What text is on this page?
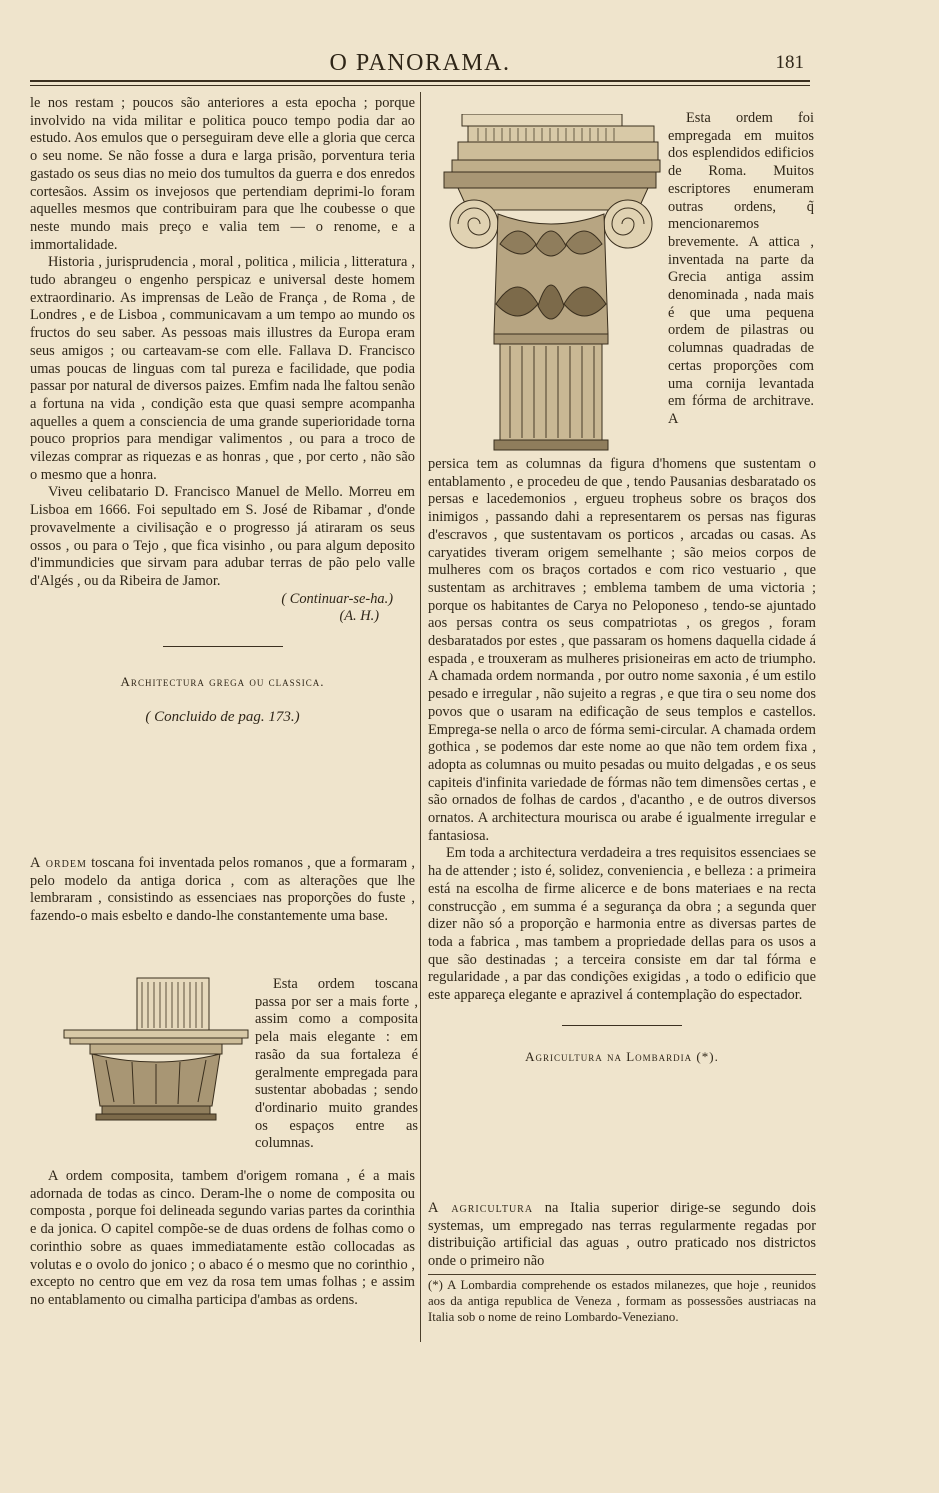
O PANORAMA.	181

le nos restam ; poucos são anteriores a esta epocha ; porque involvido na vida militar e politica pouco tempo podia dar ao estudo. Aos emulos que o perseguiram deve elle a gloria que cerca o seu nome. Se não fosse a dura e larga prisão, porventura teria gastado os seus dias no meio dos tumultos da guerra e dos enredos cortesãos. Assim os invejosos que pertendiam deprimi-lo foram aquelles mesmos que contribuiram para que lhe coubesse o que neste mundo mais preço e valia tem — o renome, e a immortalidade.

Historia , jurisprudencia , moral , politica , milicia , litteratura , tudo abrangeu o engenho perspicaz e universal deste homem extraordinario. As imprensas de Leão de França , de Roma , de Londres , e de Lisboa , communicavam a um tempo ao mundo os fructos do seu saber. As pessoas mais illustres da Europa eram seus amigos ; ou carteavam-se com elle. Fallava D. Francisco umas poucas de linguas com tal pureza e facilidade, que podia passar por natural de diversos paizes. Emfim nada lhe faltou senão a fortuna na vida , condição esta que quasi sempre acompanha aquelles a quem a consciencia de uma grande superioridade torna pouco proprios para mendigar valimentos , ou para a troco de vilezas comprar as riquezas e as honras , que , por certo , não são o mesmo que a honra.

Viveu celibatario D. Francisco Manuel de Mello. Morreu em Lisboa em 1666. Foi sepultado em S. José de Ribamar , d'onde provavelmente a civilisação e o progresso já atiraram os seus ossos , ou para o Tejo , que fica visinho , ou para algum deposito d'immundicies que sirvam para adubar terras de pão pelo valle d'Algés , ou da Ribeira de Jamor.

( Continuar-se-ha.)

(A. H.)

Architectura grega ou classica.

( Concluido de pag. 173.)

A ordem toscana foi inventada pelos romanos , que a formaram , pelo modelo da antiga dorica , com as alterações que lhe lembraram , consistindo as essenciaes nas proporções do fuste , fazendo-o mais esbelto e dando-lhe constantemente uma base.

Esta ordem toscana passa por ser a mais forte , assim como a composita pela mais elegante : em rasão da sua fortaleza é geralmente empregada para sustentar abobadas ; sendo d'ordinario muito grandes os espaços entre as columnas.

A ordem composita, tambem d'origem romana , é a mais adornada de todas as cinco. Deram-lhe o nome de composita ou composta , porque foi delineada segundo varias partes da corinthia e da jonica. O capitel compõe-se de duas ordens de folhas como o corinthio sobre as quaes immediatamente estão collocadas as volutas e o ovolo do jonico ; o abaco é o mesmo que no corinthio , excepto no centro que em vez da rosa tem umas folhas ; e assim no entablamento ou cimalha participa d'ambas as ordens.

Esta ordem foi empregada em muitos dos esplendidos edificios de Roma. Muitos escriptores enumeram outras ordens, q̃ mencionaremos brevemente. A attica , inventada na parte da Grecia antiga assim denominada , nada mais é que uma pequena ordem de pilastras ou columnas quadradas de certas proporções com uma cornija levantada em fórma de architrave. A

persica tem as columnas da figura d'homens que sustentam o entablamento , e procedeu de que , tendo Pausanias desbaratado os persas e lacedemonios , ergueu tropheus sobre os braços dos inimigos , passando dahi a representarem os persas nas figuras d'escravos , que sustentavam os porticos , arcadas ou casas. As caryatides tiveram origem semelhante ; são meios corpos de mulheres com os braços cortados e com rico vestuario , que sustentam as architraves ; emblema tambem de uma victoria ; porque os habitantes de Carya no Peloponeso , tendo-se ajuntado aos persas contra os seus compatriotas , os gregos , foram desbaratados por estes , que passaram os homens daquella cidade á espada , e trouxeram as mulheres prisioneiras em acto de triumpho. A chamada ordem normanda , por outro nome saxonia , é um estilo pesado e irregular , não sujeito a regras , e que tira o seu nome dos povos que o usaram na edificação de seus templos e castellos. Emprega-se nella o arco de fórma semi-circular. A chamada ordem gothica , se podemos dar este nome ao que não tem ordem fixa , adopta as columnas ou muito pesadas ou muito delgadas , e os seus capiteis d'infinita variedade de fórmas não tem dimensões certas , e são ornados de folhas de cardos , d'acantho , e de outros diversos ornatos. A architectura mourisca ou arabe é igualmente irregular e fantasiosa.

Em toda a architectura verdadeira a tres requisitos essenciaes se ha de attender ; isto é, solidez, conveniencia , e belleza : a primeira está na escolha de firme alicerce e de bons materiaes e na recta construcção , em summa é a segurança da obra ; a segunda quer dizer não só a proporção e harmonia entre as diversas partes de toda a fabrica , mas tambem a propriedade dellas para os usos a que são destinadas ; a terceira consiste em dar tal fórma e regularidade , a par das condições exigidas , a todo o edificio que este appareça elegante e aprazivel á contemplação do espectador.

Agricultura na Lombardia (*).

A agricultura na Italia superior dirige-se segundo dois systemas, um empregado nas terras regularmente regadas por distribuição artificial das aguas , outro praticado nos districtos onde o primeiro não

(*) A Lombardia comprehende os estados milanezes, que hoje , reunidos aos da antiga republica de Veneza , formam as possessões austriacas na Italia sob o nome de reino Lombardo-Veneziano.
